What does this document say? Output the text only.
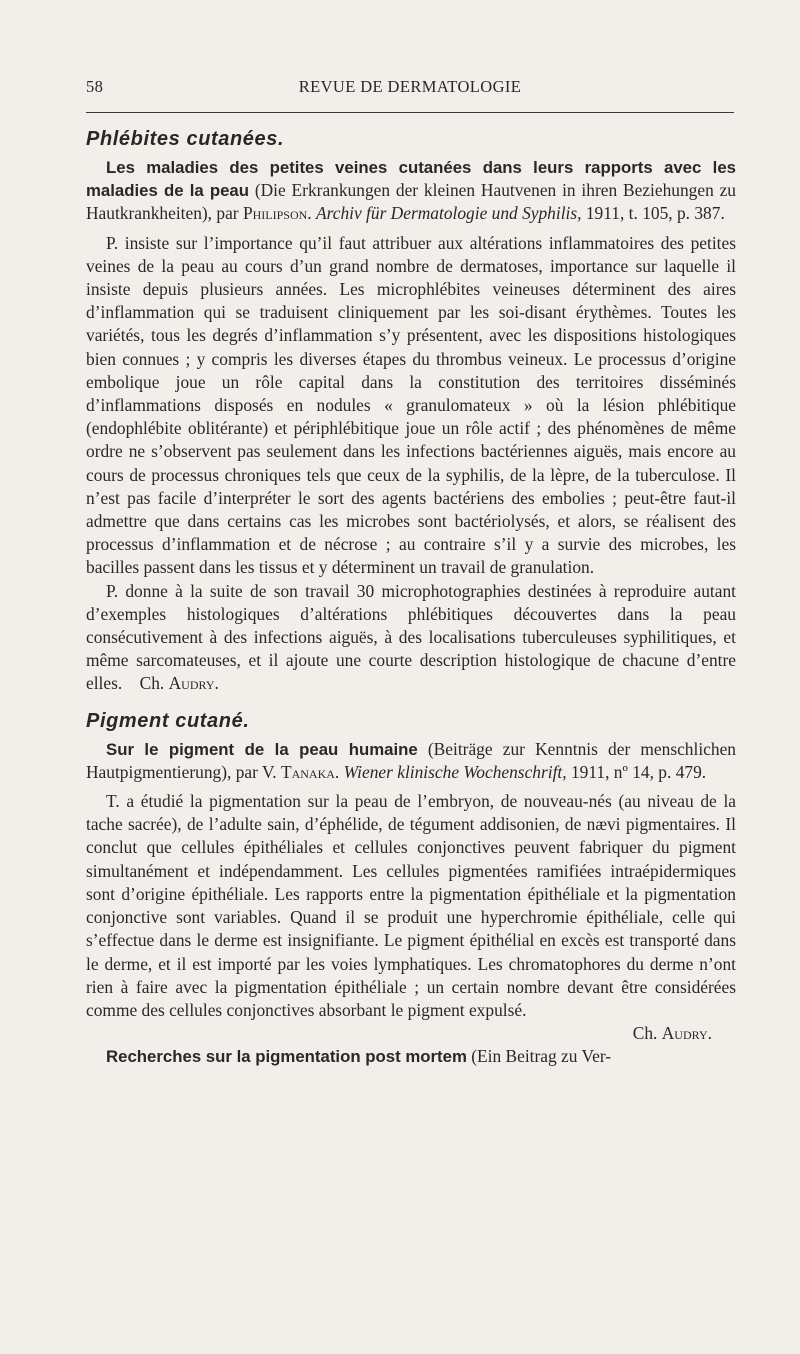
58	REVUE DE DERMATOLOGIE
Phlébites cutanées.

Les maladies des petites veines cutanées dans leurs rapports avec les maladies de la peau (Die Erkrankungen der kleinen Hautvenen in ihren Beziehungen zu Hautkrankheiten), par Philipson. Archiv für Dermatologie und Syphilis, 1911, t. 105, p. 387.

P. insiste sur l’importance qu’il faut attribuer aux altérations inflammatoires des petites veines de la peau au cours d’un grand nombre de dermatoses, importance sur laquelle il insiste depuis plusieurs années. Les microphlébites veineuses déterminent des aires d’inflammation qui se traduisent cliniquement par les soi-disant érythèmes. Toutes les variétés, tous les degrés d’inflammation s’y présentent, avec les dispositions histologiques bien connues ; y compris les diverses étapes du thrombus veineux. Le processus d’origine embolique joue un rôle capital dans la constitution des territoires disséminés d’inflammations disposés en nodules « granulomateux » où la lésion phlébitique (endophlébite oblitérante) et périphlébitique joue un rôle actif ; des phénomènes de même ordre ne s’observent pas seulement dans les infections bactériennes aiguës, mais encore au cours de processus chroniques tels que ceux de la syphilis, de la lèpre, de la tuberculose. Il n’est pas facile d’interpréter le sort des agents bactériens des embolies ; peut-être faut-il admettre que dans certains cas les microbes sont bactériolysés, et alors, se réalisent des processus d’inflammation et de nécrose ; au contraire s’il y a survie des microbes, les bacilles passent dans les tissus et y déterminent un travail de granulation.

P. donne à la suite de son travail 30 microphotographies destinées à reproduire autant d’exemples histologiques d’altérations phlébitiques découvertes dans la peau consécutivement à des infections aiguës, à des localisations tuberculeuses syphilitiques, et même sarcomateuses, et il ajoute une courte description histologique de chacune d’entre elles. Ch. Audry.

Pigment cutané.

Sur le pigment de la peau humaine (Beiträge zur Kenntnis der menschlichen Hautpigmentierung), par V. Tanaka. Wiener klinische Wochenschrift, 1911, nº 14, p. 479.

T. a étudié la pigmentation sur la peau de l’embryon, de nouveau-nés (au niveau de la tache sacrée), de l’adulte sain, d’éphélide, de tégument addisonien, de nævi pigmentaires. Il conclut que cellules épithéliales et cellules conjonctives peuvent fabriquer du pigment simultanément et indépendamment. Les cellules pigmentées ramifiées intraépidermiques sont d’origine épithéliale. Les rapports entre la pigmentation épithéliale et la pigmentation conjonctive sont variables. Quand il se produit une hyperchromie épithéliale, celle qui s’effectue dans le derme est insignifiante. Le pigment épithélial en excès est transporté dans le derme, et il est importé par les voies lymphatiques. Les chromatophores du derme n’ont rien à faire avec la pigmentation épithéliale ; un certain nombre devant être considérées comme des cellules conjonctives absorbant le pigment expulsé.

Ch. Audry.

Recherches sur la pigmentation post mortem (Ein Beitrag zu Ver-
